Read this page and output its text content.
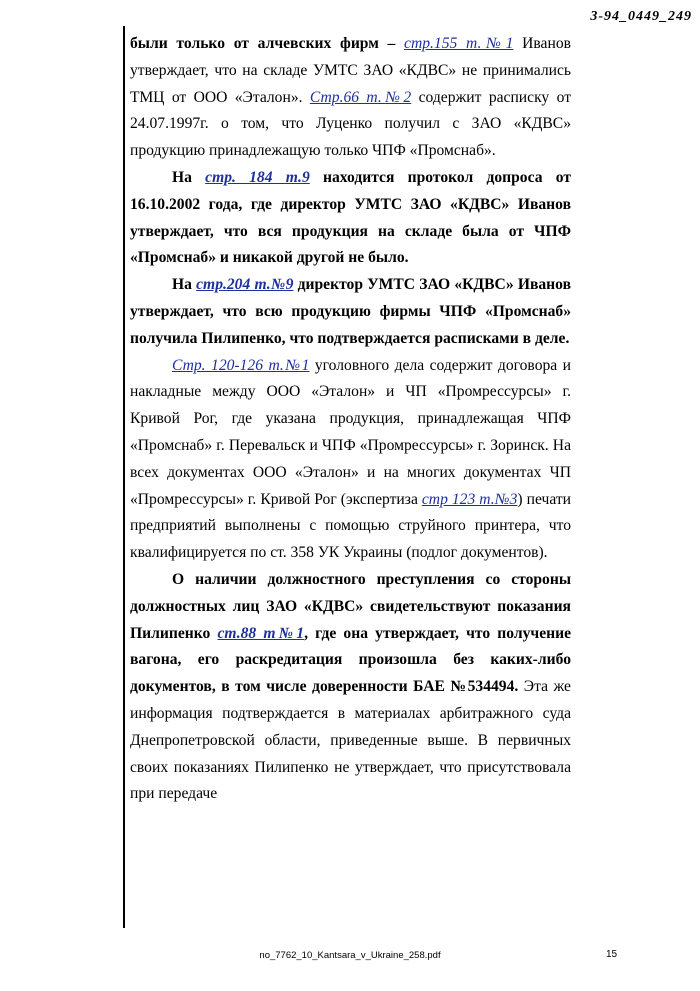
3-94_0449_249

были только от алчевских фирм – стр.155 т.№1 Иванов утверждает, что на складе УМТС ЗАО «КДВС» не принимались ТМЦ от ООО «Эталон». Стр.66 т.№2 содержит расписку от 24.07.1997г. о том, что Луценко получил с ЗАО «КДВС» продукцию принадлежащую только ЧПФ «Промснаб».

На стр. 184 т.9 находится протокол допроса от 16.10.2002 года, где директор УМТС ЗАО «КДВС» Иванов утверждает, что вся продукция на складе была от ЧПФ «Промснаб» и никакой другой не было.

На стр.204 т.№9 директор УМТС ЗАО «КДВС» Иванов утверждает, что всю продукцию фирмы ЧПФ «Промснаб» получила Пилипенко, что подтверждается расписками в деле.

Стр. 120-126 т.№1 уголовного дела содержит договора и накладные между ООО «Эталон» и ЧП «Промрессурсы» г. Кривой Рог, где указана продукция, принадлежащая ЧПФ «Промснаб» г. Перевальск и ЧПФ «Промрессурсы» г. Зоринск. На всех документах ООО «Эталон» и на многих документах ЧП «Промрессурсы» г. Кривой Рог (экспертиза стр 123 т.№3) печати предприятий выполнены с помощью струйного принтера, что квалифицируется по ст. 358 УК Украины (подлог документов).

О наличии должностного преступления со стороны должностных лиц ЗАО «КДВС» свидетельствуют показания Пилипенко ст.88 т№1, где она утверждает, что получение вагона, его раскредитация произошла без каких-либо документов, в том числе доверенности БАЕ №534494. Эта же информация подтверждается в материалах арбитражного суда Днепропетровской области, приведенные выше. В первичных своих показаниях Пилипенко не утверждает, что присутствовала при передаче

no_7762_10_Kantsara_v_Ukraine_258.pdf	15
